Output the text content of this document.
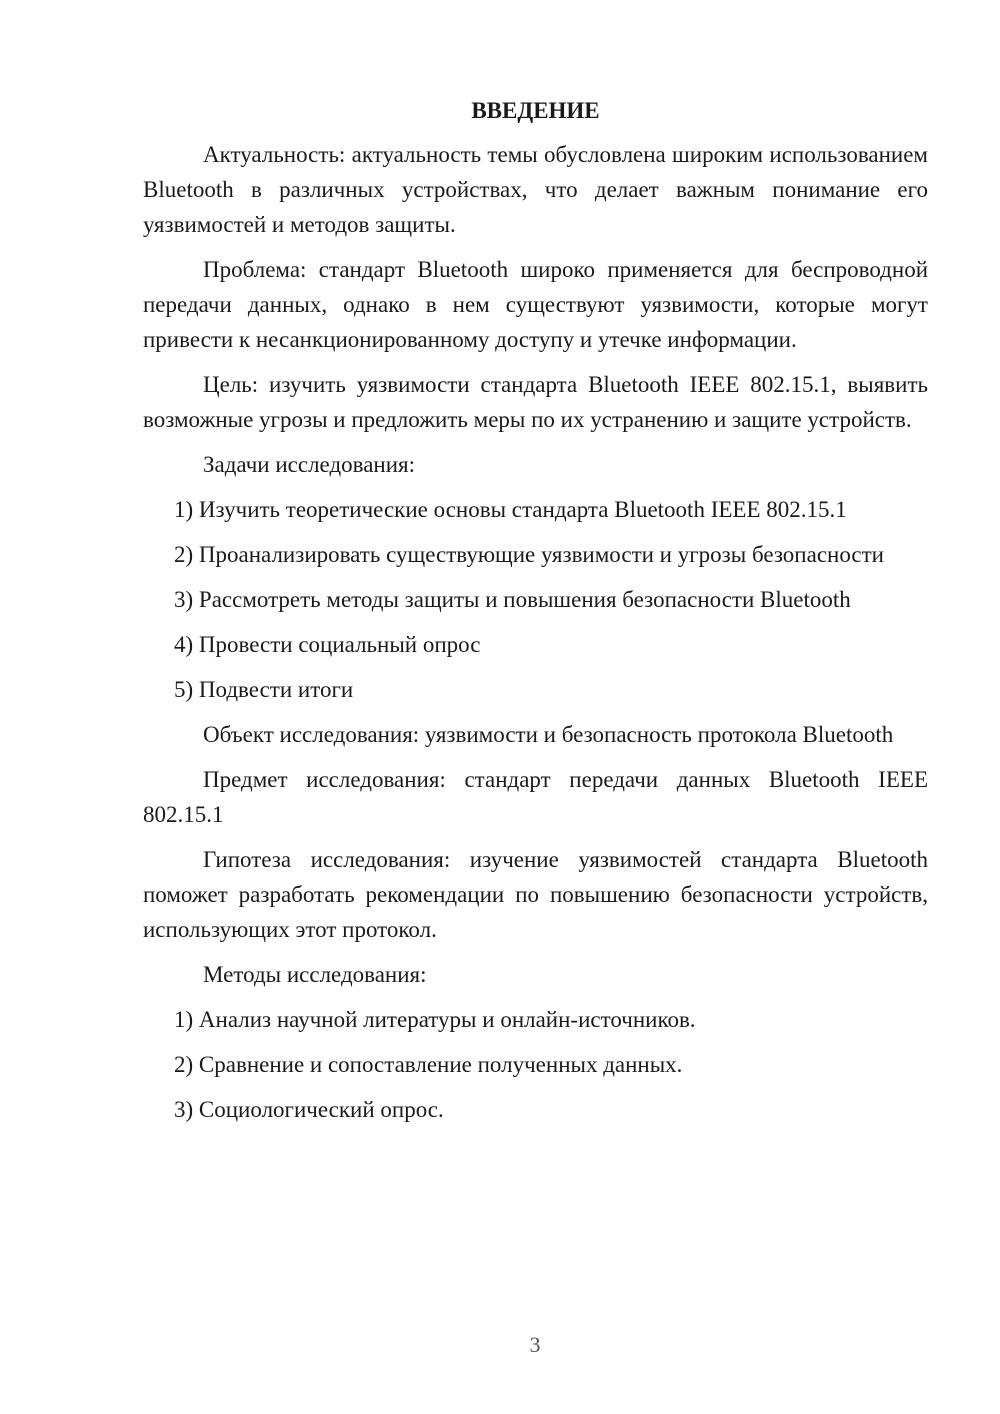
ВВЕДЕНИЕ

Актуальность: актуальность темы обусловлена широким использованием Bluetooth в различных устройствах, что делает важным понимание его уязвимостей и методов защиты.

Проблема: стандарт Bluetooth широко применяется для беспроводной передачи данных, однако в нем существуют уязвимости, которые могут привести к несанкционированному доступу и утечке информации.

Цель: изучить уязвимости стандарта Bluetooth IEEE 802.15.1, выявить возможные угрозы и предложить меры по их устранению и защите устройств.

Задачи исследования:

1) Изучить теоретические основы стандарта Bluetooth IEEE 802.15.1

2) Проанализировать существующие уязвимости и угрозы безопасности

3) Рассмотреть методы защиты и повышения безопасности Bluetooth

4) Провести социальный опрос

5) Подвести итоги

Объект исследования: уязвимости и безопасность протокола Bluetooth

Предмет исследования: стандарт передачи данных Bluetooth IEEE 802.15.1

Гипотеза исследования: изучение уязвимостей стандарта Bluetooth поможет разработать рекомендации по повышению безопасности устройств, использующих этот протокол.

Методы исследования:

1) Анализ научной литературы и онлайн-источников.

2) Сравнение и сопоставление полученных данных.

3) Социологический опрос.

3
